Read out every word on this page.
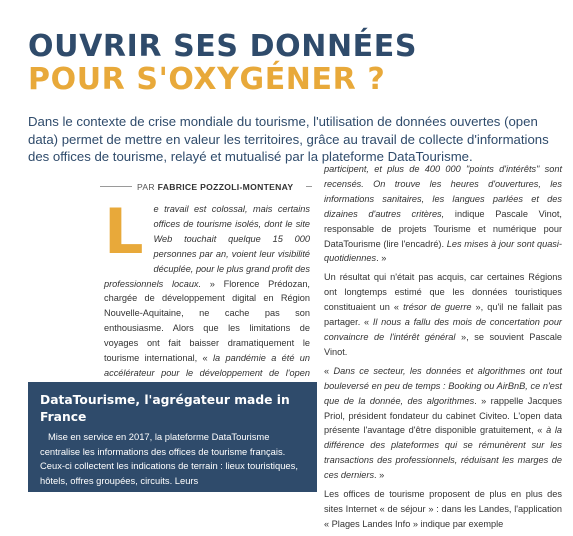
OUVRIR SES DONNÉES
POUR S'OXYGÉNER ?

Dans le contexte de crise mondiale du tourisme, l'utilisation de données ouvertes (open data) permet de mettre en valeur les territoires, grâce au travail de collecte d'informations des offices de tourisme, relayé et mutualisé par la plateforme DataTourisme.

PAR FABRICE POZZOLI-MONTENAY
L	e travail est colossal, mais certains offices de tourisme isolés, dont le site Web touchait quelque 15 000 personnes par an, voient leur visibilité décuplée, pour le plus grand profit des professionnels locaux. » Florence Prédozan, chargée de développement digital en Région Nouvelle-Aquitaine, ne cache pas son enthousiasme. Alors que les limitations de voyages ont fait baisser dramatiquement le tourisme international, « la pandémie a été un accélérateur pour le développement de l'open

participent, et plus de 400 000 "points d'intérêts" sont recensés. On trouve les heures d'ouvertures, les informations sanitaires, les langues parlées et des dizaines d'autres critères, indique Pascale Vinot, responsable de projets Tourisme et numérique pour DataTourisme (lire l'encadré). Les mises à jour sont quasi-quotidiennes. »

Un résultat qui n'était pas acquis, car certaines Régions ont longtemps estimé que les données touristiques constituaient un « trésor de guerre », qu'il ne fallait pas partager. « Il nous a fallu des mois de concertation pour convaincre de l'intérêt général », se souvient Pascale Vinot.

« Dans ce secteur, les données et algorithmes ont tout bouleversé en peu de temps : Booking ou AirBnB, ce n'est que de la donnée, des algorithmes. » rappelle Jacques Priol, président fondateur du cabinet Civiteo. L'open data présente l'avantage d'être disponible gratuitement, « à la différence des plateformes qui se rémunèrent sur les transactions des professionnels, réduisant les marges de ces derniers. »

Les offices de tourisme proposent de plus en plus des sites Internet « de séjour » : dans les Landes, l'application « Plages Landes Info » indique par exemple

DataTourisme, l'agrégateur made in France

Mise en service en 2017, la plateforme DataTourisme centralise les informations des offices de tourisme français. Ceux-ci collectent les indications de terrain : lieux touristiques, hôtels, offres groupées, circuits. Leurs
